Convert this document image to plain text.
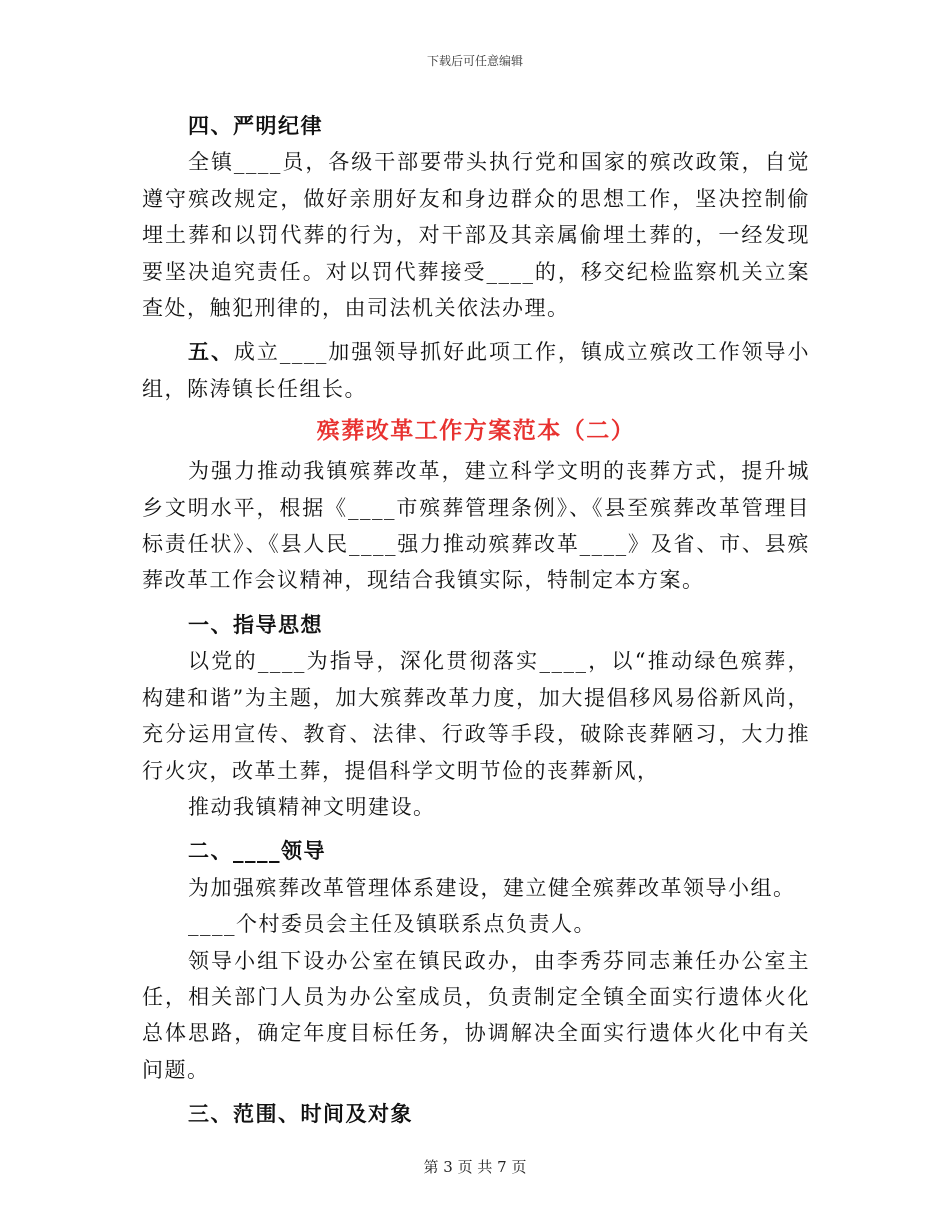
下载后可任意编辑

四、严明纪律

全镇____员，各级干部要带头执行党和国家的殡改政策，自觉遵守殡改规定，做好亲朋好友和身边群众的思想工作，坚决控制偷埋土葬和以罚代葬的行为，对干部及其亲属偷埋土葬的，一经发现要坚决追究责任。对以罚代葬接受____的，移交纪检监察机关立案查处，触犯刑律的，由司法机关依法办理。

五、成立____加强领导抓好此项工作，镇成立殡改工作领导小组，陈涛镇长任组长。

殡葬改革工作方案范本（二）

为强力推动我镇殡葬改革，建立科学文明的丧葬方式，提升城乡文明水平，根据《____市殡葬管理条例》、《县至殡葬改革管理目标责任状》、《县人民____强力推动殡葬改革____》及省、市、县殡葬改革工作会议精神，现结合我镇实际，特制定本方案。

一、指导思想

以党的____为指导，深化贯彻落实____，以“推动绿色殡葬，构建和谐”为主题，加大殡葬改革力度，加大提倡移风易俗新风尚，充分运用宣传、教育、法律、行政等手段，破除丧葬陋习，大力推行火灾，改革土葬，提倡科学文明节俭的丧葬新风，

推动我镇精神文明建设。

二、____领导

为加强殡葬改革管理体系建设，建立健全殡葬改革领导小组。

____个村委员会主任及镇联系点负责人。

领导小组下设办公室在镇民政办，由李秀芬同志兼任办公室主任，相关部门人员为办公室成员，负责制定全镇全面实行遗体火化总体思路，确定年度目标任务，协调解决全面实行遗体火化中有关问题。

三、范围、时间及对象

第 3 页 共 7 页
